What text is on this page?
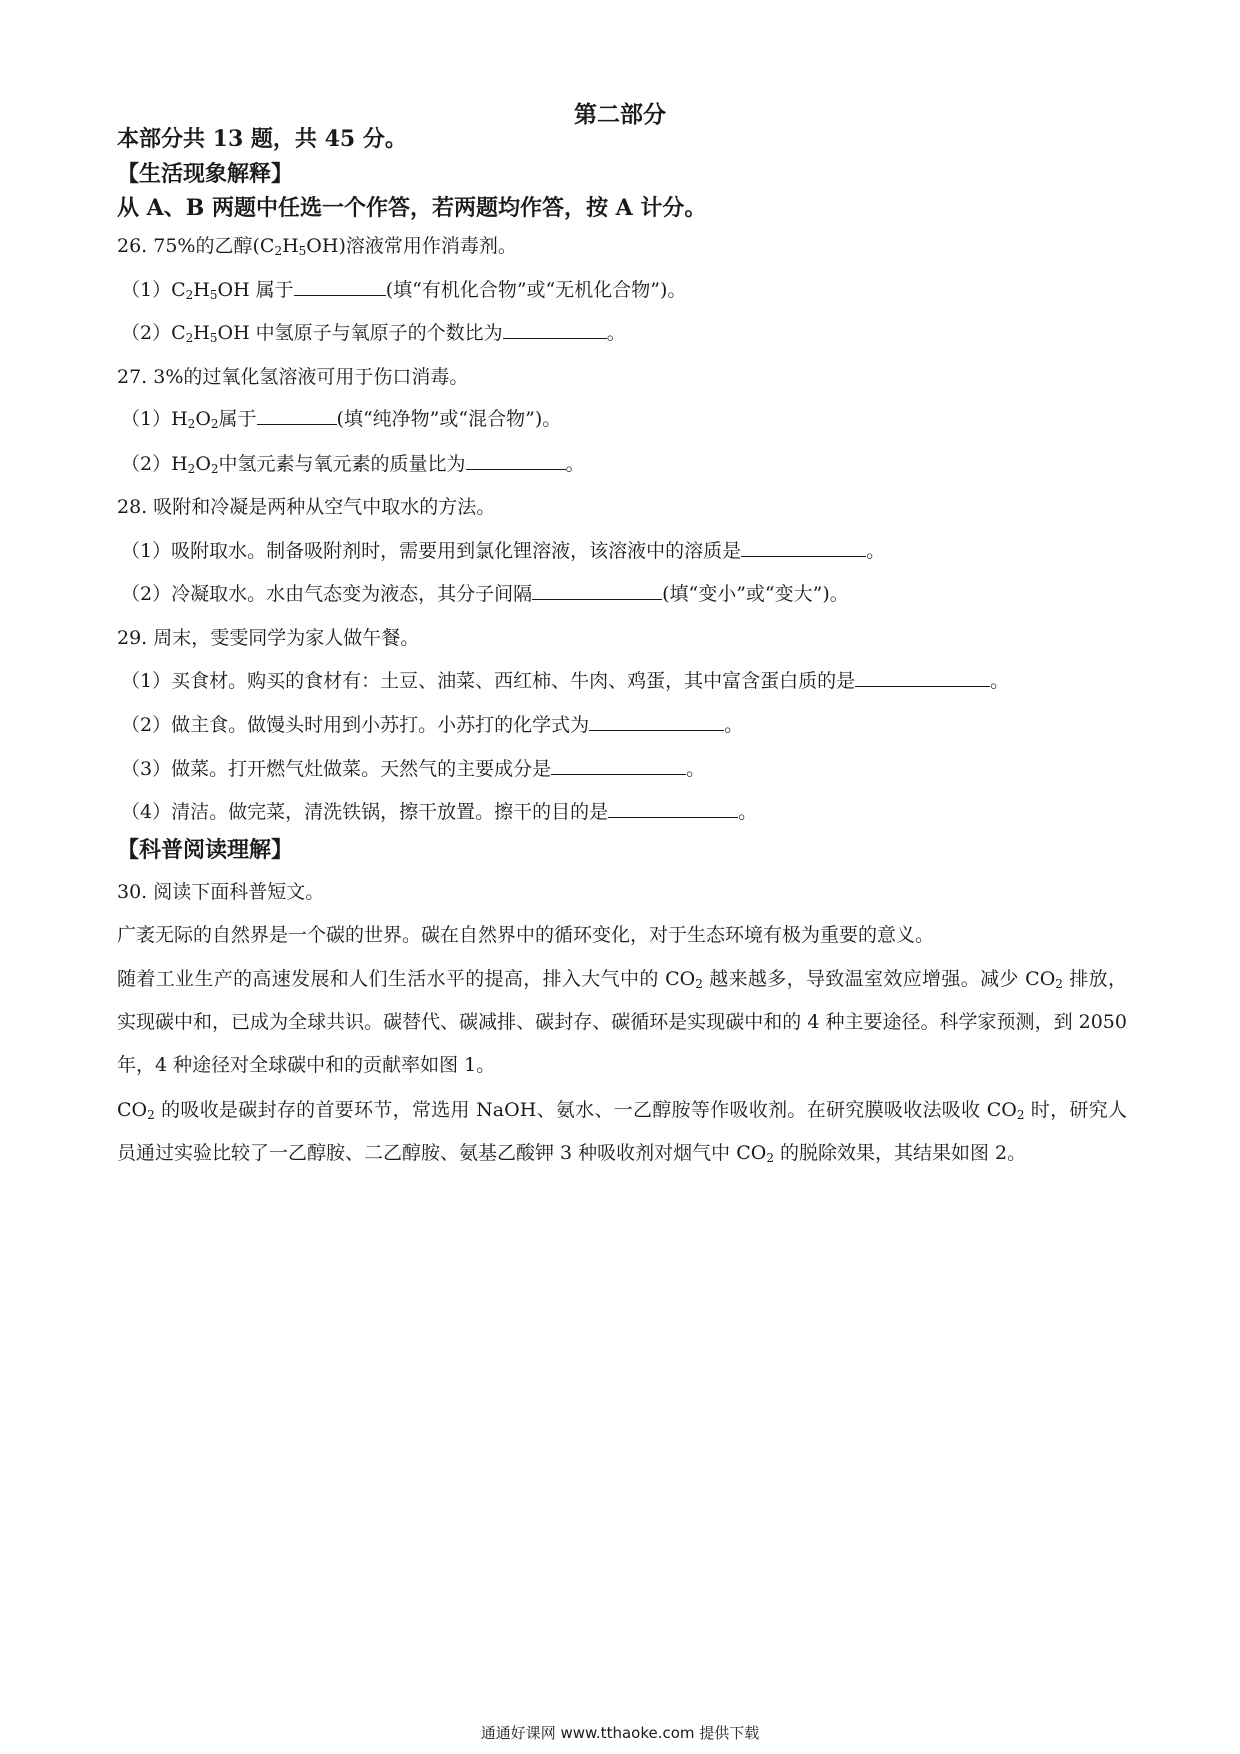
第二部分
本部分共 13 题，共 45 分。
【生活现象解释】
从 A、B 两题中任选一个作答，若两题均作答，按 A 计分。
26. 75%的乙醇$(C_2H_5OH)$溶液常用作消毒剂。
$(1)C_2H_5OH$ 属于	(填“有机化合物”或“无机化合物”)。
$(2)C_2H_5OH$ 中氢原子与氧原子的个数比为	。
27. 3%的过氧化氢溶液可用于伤口消毒。
$(1)H_2O_2$属于	(填“纯净物”或“混合物”)。
$(2)H_2O_2$中氢元素与氧元素的质量比为	。
28. 吸附和冷凝是两种从空气中取水的方法。
（1）吸附取水。制备吸附剂时，需要用到氯化锂溶液，该溶液中的溶质是	。
（2）冷凝取水。水由气态变为液态，其分子间隔	(填“变小”或“变大”)。
29. 周末，雯雯同学为家人做午餐。
（1）买食材。购买的食材有：土豆、油菜、西红柿、牛肉、鸡蛋，其中富含蛋白质的是	。
（2）做主食。做馒头时用到小苏打。小苏打的化学式为	。
（3）做菜。打开燃气灶做菜。天然气的主要成分是	。
（4）清洁。做完菜，清洗铁锅，擦干放置。擦干的目的是	。
【科普阅读理解】
30. 阅读下面科普短文。
广袤无际的自然界是一个碳的世界。碳在自然界中的循环变化，对于生态环境有极为重要的意义。
随着工业生产的高速发展和人们生活水平的提高，排入大气中的 $CO_2$ 越来越多，导致温室效应增强。减少 $CO_2$ 排放，实现碳中和，已成为全球共识。碳替代、碳减排、碳封存、碳循环是实现碳中和的 4 种主要途径。科学家预测，到 2050 年，4 种途径对全球碳中和的贡献率如图 1。
$CO_2$ 的吸收是碳封存的首要环节，常选用 NaOH、氨水、一乙醇胺等作吸收剂。在研究膜吸收法吸收 $CO_2$ 时，研究人员通过实验比较了一乙醇胺、二乙醇胺、氨基乙酸钾 3 种吸收剂对烟气中 $CO_2$ 的脱除效果，其结果如图 2。
通通好课网 www.tthaoke.com 提供下载
